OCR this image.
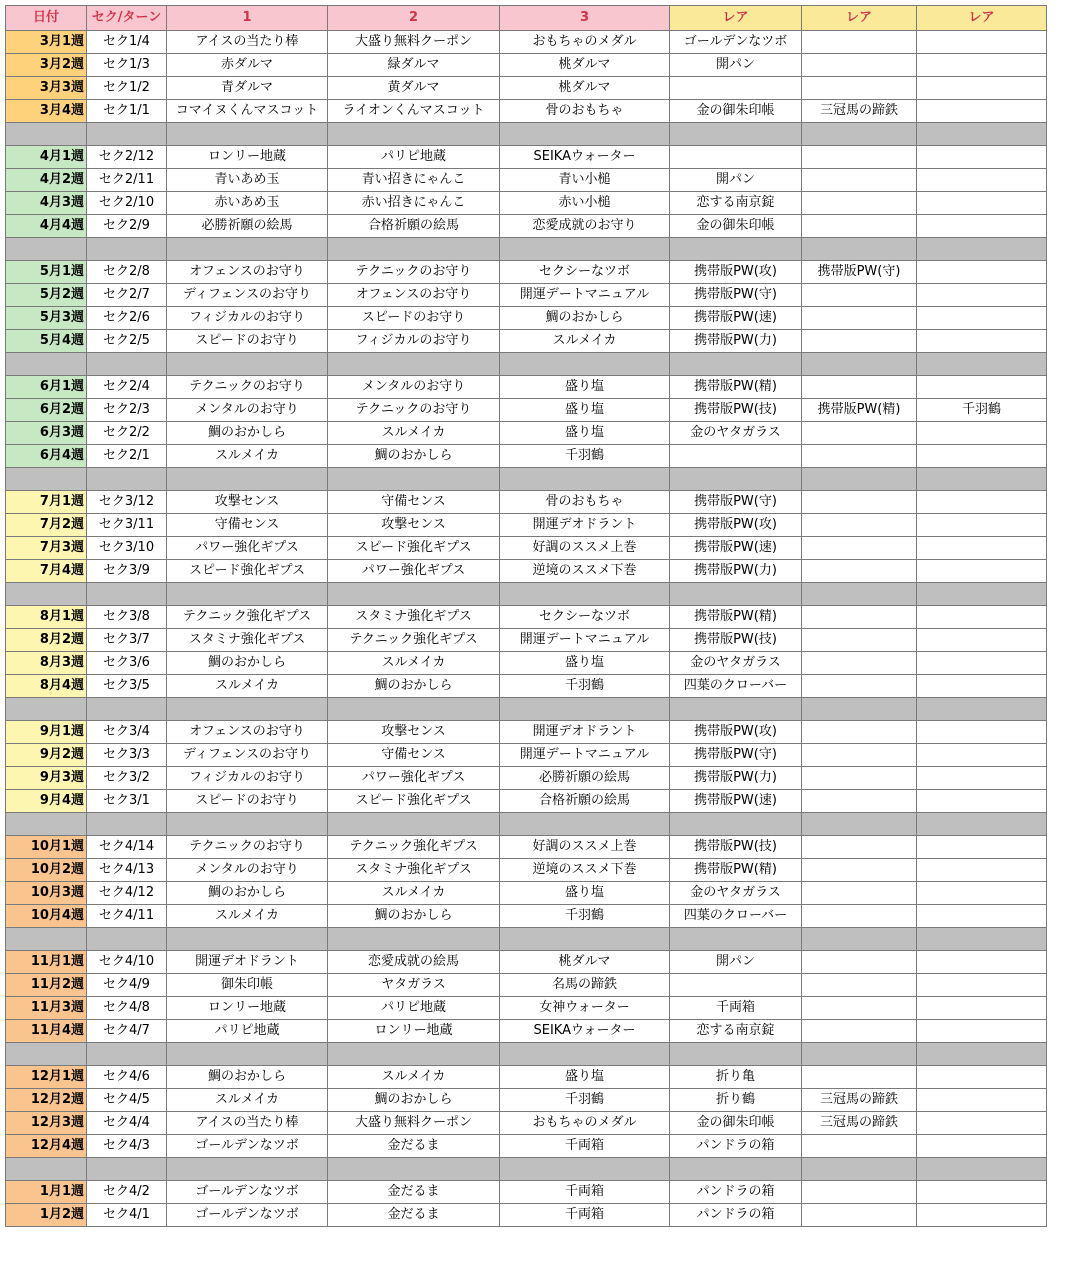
日付	セク/ターン	1	2	3	レア	レア	レア
3月1週	セク1/4	アイスの当たり棒	大盛り無料クーポン	おもちゃのメダル	ゴールデンなツボ		
3月2週	セク1/3	赤ダルマ	緑ダルマ	桃ダルマ	開パン		
3月3週	セク1/2	青ダルマ	黄ダルマ	桃ダルマ			
3月4週	セク1/1	コマイヌくんマスコット	ライオンくんマスコット	骨のおもちゃ	金の御朱印帳	三冠馬の蹄鉄	

4月1週	セク2/12	ロンリー地蔵	パリピ地蔵	SEIKAウォーター			
4月2週	セク2/11	青いあめ玉	青い招きにゃんこ	青い小槌	開パン		
4月3週	セク2/10	赤いあめ玉	赤い招きにゃんこ	赤い小槌	恋する南京錠		
4月4週	セク2/9	必勝祈願の絵馬	合格祈願の絵馬	恋愛成就のお守り	金の御朱印帳		

5月1週	セク2/8	オフェンスのお守り	テクニックのお守り	セクシーなツボ	携帯版PW(攻)	携帯版PW(守)	
5月2週	セク2/7	ディフェンスのお守り	オフェンスのお守り	開運デートマニュアル	携帯版PW(守)		
5月3週	セク2/6	フィジカルのお守り	スピードのお守り	鯛のおかしら	携帯版PW(速)		
5月4週	セク2/5	スピードのお守り	フィジカルのお守り	スルメイカ	携帯版PW(力)		

6月1週	セク2/4	テクニックのお守り	メンタルのお守り	盛り塩	携帯版PW(精)		
6月2週	セク2/3	メンタルのお守り	テクニックのお守り	盛り塩	携帯版PW(技)	携帯版PW(精)	千羽鶴
6月3週	セク2/2	鯛のおかしら	スルメイカ	盛り塩	金のヤタガラス		
6月4週	セク2/1	スルメイカ	鯛のおかしら	千羽鶴			

7月1週	セク3/12	攻撃センス	守備センス	骨のおもちゃ	携帯版PW(守)		
7月2週	セク3/11	守備センス	攻撃センス	開運デオドラント	携帯版PW(攻)		
7月3週	セク3/10	パワー強化ギプス	スピード強化ギプス	好調のススメ上巻	携帯版PW(速)		
7月4週	セク3/9	スピード強化ギプス	パワー強化ギプス	逆境のススメ下巻	携帯版PW(力)		

8月1週	セク3/8	テクニック強化ギプス	スタミナ強化ギプス	セクシーなツボ	携帯版PW(精)		
8月2週	セク3/7	スタミナ強化ギプス	テクニック強化ギプス	開運デートマニュアル	携帯版PW(技)		
8月3週	セク3/6	鯛のおかしら	スルメイカ	盛り塩	金のヤタガラス		
8月4週	セク3/5	スルメイカ	鯛のおかしら	千羽鶴	四葉のクローバー		

9月1週	セク3/4	オフェンスのお守り	攻撃センス	開運デオドラント	携帯版PW(攻)		
9月2週	セク3/3	ディフェンスのお守り	守備センス	開運デートマニュアル	携帯版PW(守)		
9月3週	セク3/2	フィジカルのお守り	パワー強化ギプス	必勝祈願の絵馬	携帯版PW(力)		
9月4週	セク3/1	スピードのお守り	スピード強化ギプス	合格祈願の絵馬	携帯版PW(速)		

10月1週	セク4/14	テクニックのお守り	テクニック強化ギプス	好調のススメ上巻	携帯版PW(技)		
10月2週	セク4/13	メンタルのお守り	スタミナ強化ギプス	逆境のススメ下巻	携帯版PW(精)		
10月3週	セク4/12	鯛のおかしら	スルメイカ	盛り塩	金のヤタガラス		
10月4週	セク4/11	スルメイカ	鯛のおかしら	千羽鶴	四葉のクローバー		

11月1週	セク4/10	開運デオドラント	恋愛成就の絵馬	桃ダルマ	開パン		
11月2週	セク4/9	御朱印帳	ヤタガラス	名馬の蹄鉄			
11月3週	セク4/8	ロンリー地蔵	パリピ地蔵	女神ウォーター	千両箱		
11月4週	セク4/7	パリピ地蔵	ロンリー地蔵	SEIKAウォーター	恋する南京錠		

12月1週	セク4/6	鯛のおかしら	スルメイカ	盛り塩	折り亀		
12月2週	セク4/5	スルメイカ	鯛のおかしら	千羽鶴	折り鶴	三冠馬の蹄鉄	
12月3週	セク4/4	アイスの当たり棒	大盛り無料クーポン	おもちゃのメダル	金の御朱印帳	三冠馬の蹄鉄	
12月4週	セク4/3	ゴールデンなツボ	金だるま	千両箱	パンドラの箱		

1月1週	セク4/2	ゴールデンなツボ	金だるま	千両箱	パンドラの箱		
1月2週	セク4/1	ゴールデンなツボ	金だるま	千両箱	パンドラの箱		
